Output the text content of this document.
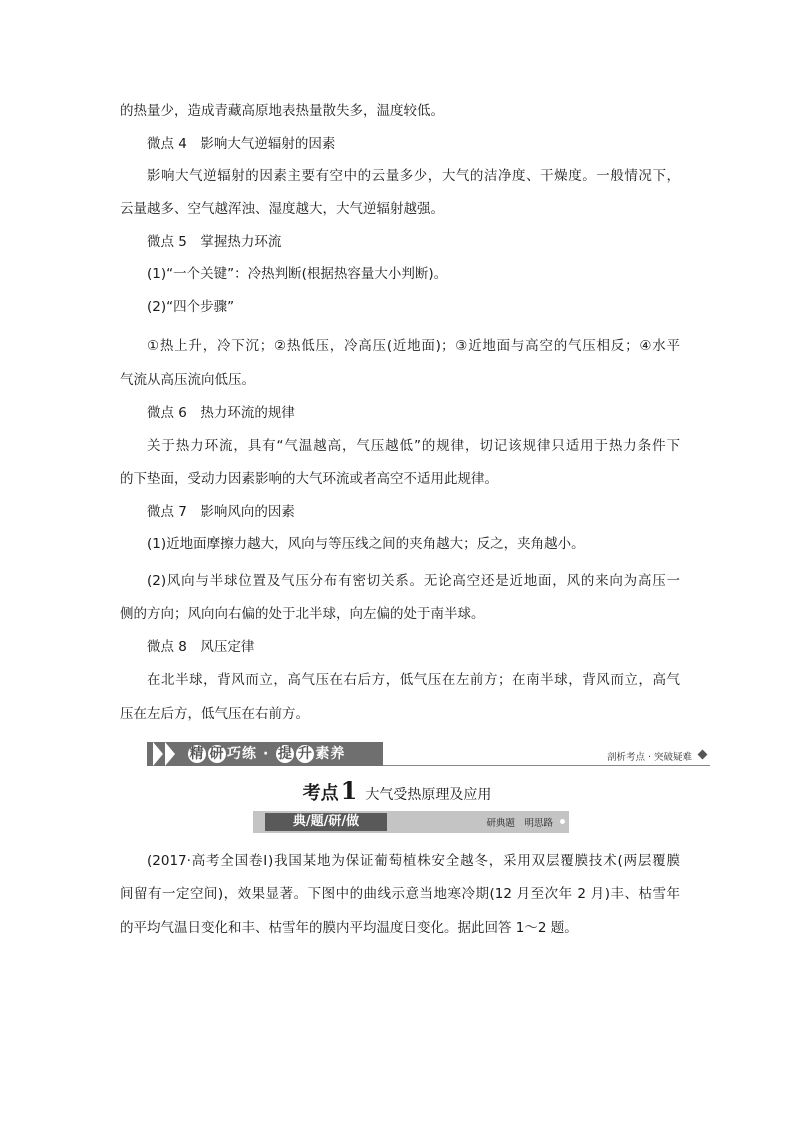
的热量少，造成青藏高原地表热量散失多，温度较低。
微点 4　影响大气逆辐射的因素
影响大气逆辐射的因素主要有空中的云量多少，大气的洁净度、干燥度。一般情况下，
云量越多、空气越浑浊、湿度越大，大气逆辐射越强。
微点 5　掌握热力环流
(1)“一个关键”：冷热判断(根据热容量大小判断)。
(2)“四个步骤”
①热上升，冷下沉；②热低压，冷高压(近地面)；③近地面与高空的气压相反；④水平
气流从高压流向低压。
微点 6　热力环流的规律
关于热力环流，具有“气温越高，气压越低”的规律，切记该规律只适用于热力条件下
的下垫面，受动力因素影响的大气环流或者高空不适用此规律。
微点 7　影响风向的因素
(1)近地面摩擦力越大，风向与等压线之间的夹角越大；反之，夹角越小。
(2)风向与半球位置及气压分布有密切关系。无论高空还是近地面，风的来向为高压一
侧的方向；风向向右偏的处于北半球，向左偏的处于南半球。
微点 8　风压定律
在北半球，背风而立，高气压在右后方，低气压在左前方；在南半球，背风而立，高气
压在左后方，低气压在右前方。
精 研 巧练 · 提 升 素养	剖析考点 · 突破疑难
考点1 大气受热原理及应用
典/题/研/做	研典题　明思路
(2017·高考全国卷Ⅰ)我国某地为保证葡萄植株安全越冬，采用双层覆膜技术(两层覆膜
间留有一定空间)，效果显著。下图中的曲线示意当地寒冷期(12 月至次年 2 月)丰、枯雪年
的平均气温日变化和丰、枯雪年的膜内平均温度日变化。据此回答 1～2 题。
